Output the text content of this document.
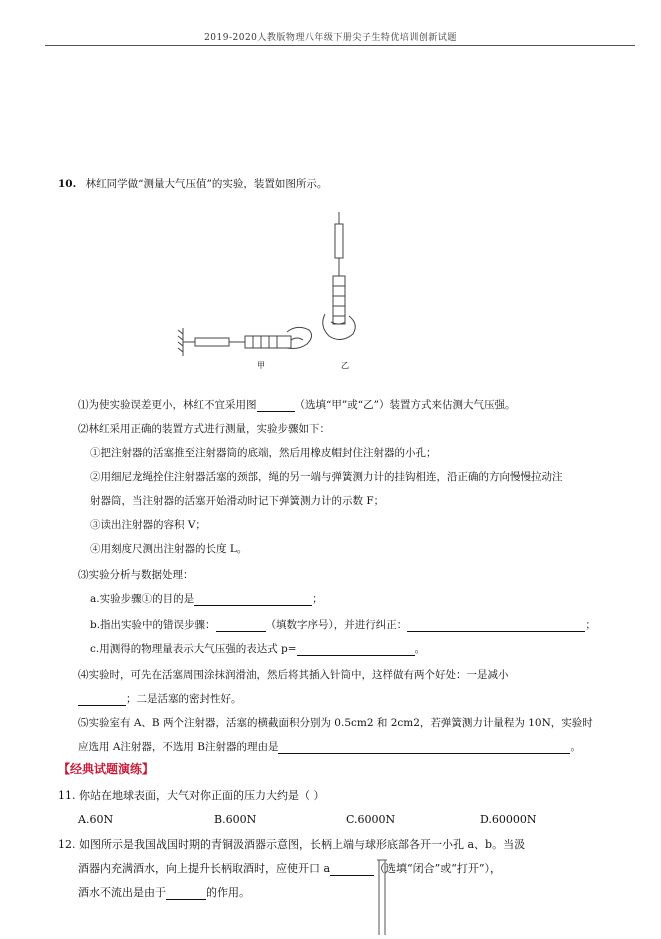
2019-2020人教版物理八年级下册尖子生特优培训创新试题
10. 林红同学做“测量大气压值”的实验，装置如图所示。
甲	乙
⑴为使实验误差更小，林红不宜采用图	（选填“甲”或“乙”）装置方式来估测大气压强。
⑵林红采用正确的装置方式进行测量，实验步骤如下：
①把注射器的活塞推至注射器筒的底端，然后用橡皮帽封住注射器的小孔；
②用细尼龙绳拴住注射器活塞的颈部，绳的另一端与弹簧测力计的挂钩相连，沿正确的方向慢慢拉动注
射器筒，当注射器的活塞开始滑动时记下弹簧测力计的示数 F；
③读出注射器的容积 V；
④用刻度尺测出注射器的长度 L。
⑶实验分析与数据处理：
a.实验步骤①的目的是	；
b.指出实验中的错误步骤：	（填数字序号），并进行纠正：	；
c.用测得的物理量表示大气压强的表达式 p=	。
⑷实验时，可先在活塞周围涂抹润滑油，然后将其插入针筒中，这样做有两个好处：一是减小
；二是活塞的密封性好。
⑸实验室有 A、B 两个注射器，活塞的横截面积分别为 0.5cm2 和 2cm2，若弹簧测力计量程为 10N，实验时
应选用 A注射器，不选用 B注射器的理由是	。
【经典试题演练】
11. 你站在地球表面，大气对你正面的压力大约是（ ）
A.60N	B.600N	C.6000N	D.60000N
12. 如图所示是我国战国时期的青铜汲酒器示意图，长柄上端与球形底部各开一小孔 a、b。当汲
酒器内充满酒水，向上提升长柄取酒时，应使开口 a	（选填“闭合”或“打开”），
酒水不流出是由于	的作用。
